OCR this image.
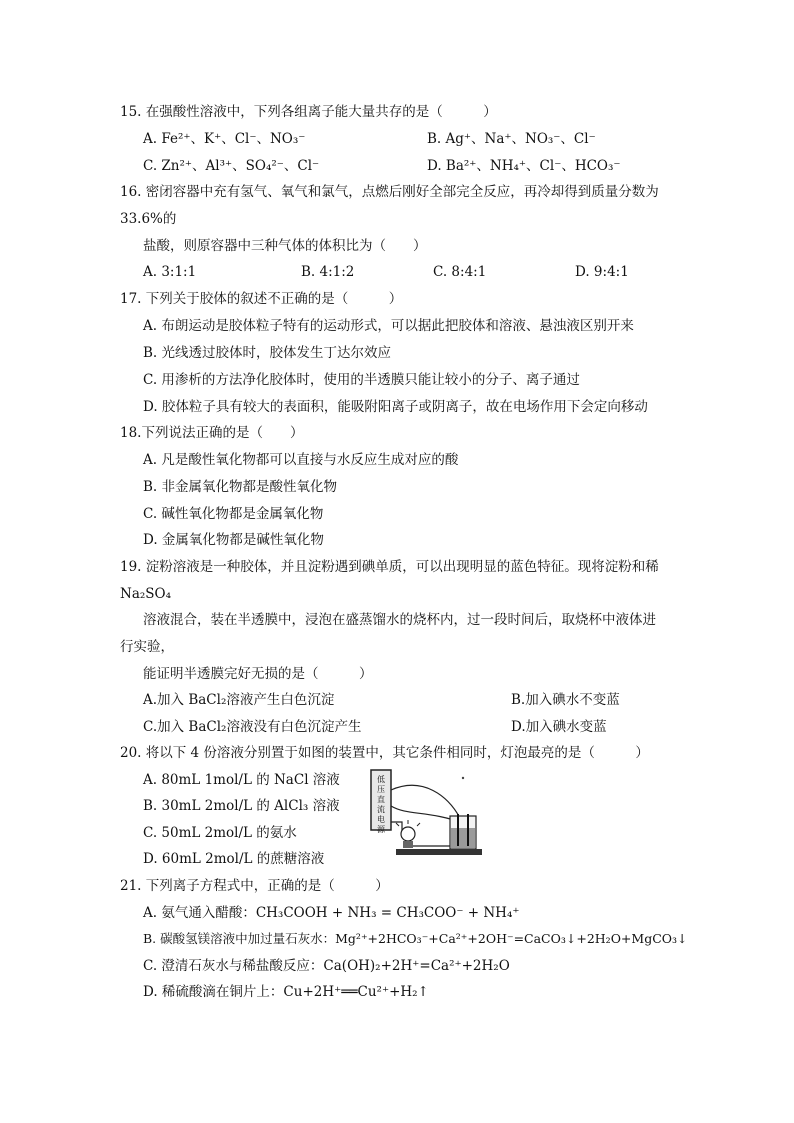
15. 在强酸性溶液中，下列各组离子能大量共存的是（　　　）
A. Fe²⁺、K⁺、Cl⁻、NO₃⁻	B. Ag⁺、Na⁺、NO₃⁻、Cl⁻
C. Zn²⁺、Al³⁺、SO₄²⁻、Cl⁻	D. Ba²⁺、NH₄⁺、Cl⁻、HCO₃⁻
16. 密闭容器中充有氢气、氧气和氯气，点燃后刚好全部完全反应，再冷却得到质量分数为
33.6%的
盐酸，则原容器中三种气体的体积比为（　　）
A. 3:1:1	B. 4:1:2	C. 8:4:1	D. 9:4:1
17. 下列关于胶体的叙述不正确的是（　　　）
A. 布朗运动是胶体粒子特有的运动形式，可以据此把胶体和溶液、悬浊液区别开来
B. 光线透过胶体时，胶体发生丁达尔效应
C. 用渗析的方法净化胶体时，使用的半透膜只能让较小的分子、离子通过
D. 胶体粒子具有较大的表面积，能吸附阳离子或阴离子，故在电场作用下会定向移动
18.下列说法正确的是（　　）
A. 凡是酸性氧化物都可以直接与水反应生成对应的酸
B. 非金属氧化物都是酸性氧化物
C. 碱性氧化物都是金属氧化物
D. 金属氧化物都是碱性氧化物
19. 淀粉溶液是一种胶体，并且淀粉遇到碘单质，可以出现明显的蓝色特征。现将淀粉和稀
Na₂SO₄
溶液混合，装在半透膜中，浸泡在盛蒸馏水的烧杯内，过一段时间后，取烧杯中液体进
行实验，
能证明半透膜完好无损的是（　　　）
A.加入 BaCl₂溶液产生白色沉淀	B.加入碘水不变蓝
C.加入 BaCl₂溶液没有白色沉淀产生	D.加入碘水变蓝
20. 将以下 4 份溶液分别置于如图的装置中，其它条件相同时，灯泡最亮的是（　　　）
A. 80mL 1mol/L 的 NaCl 溶液
B. 30mL 2mol/L 的 AlCl₃ 溶液
C. 50mL 2mol/L 的氨水
D. 60mL 2mol/L 的蔗糖溶液
低压直流电源
21. 下列离子方程式中，正确的是（　　　）
A. 氨气通入醋酸：CH₃COOH + NH₃ = CH₃COO⁻ + NH₄⁺
B. 碳酸氢镁溶液中加过量石灰水：Mg²⁺+2HCO₃⁻+Ca²⁺+2OH⁻=CaCO₃↓+2H₂O+MgCO₃↓
C. 澄清石灰水与稀盐酸反应：Ca(OH)₂+2H⁺=Ca²⁺+2H₂O
D. 稀硫酸滴在铜片上：Cu+2H⁺══Cu²⁺+H₂↑
